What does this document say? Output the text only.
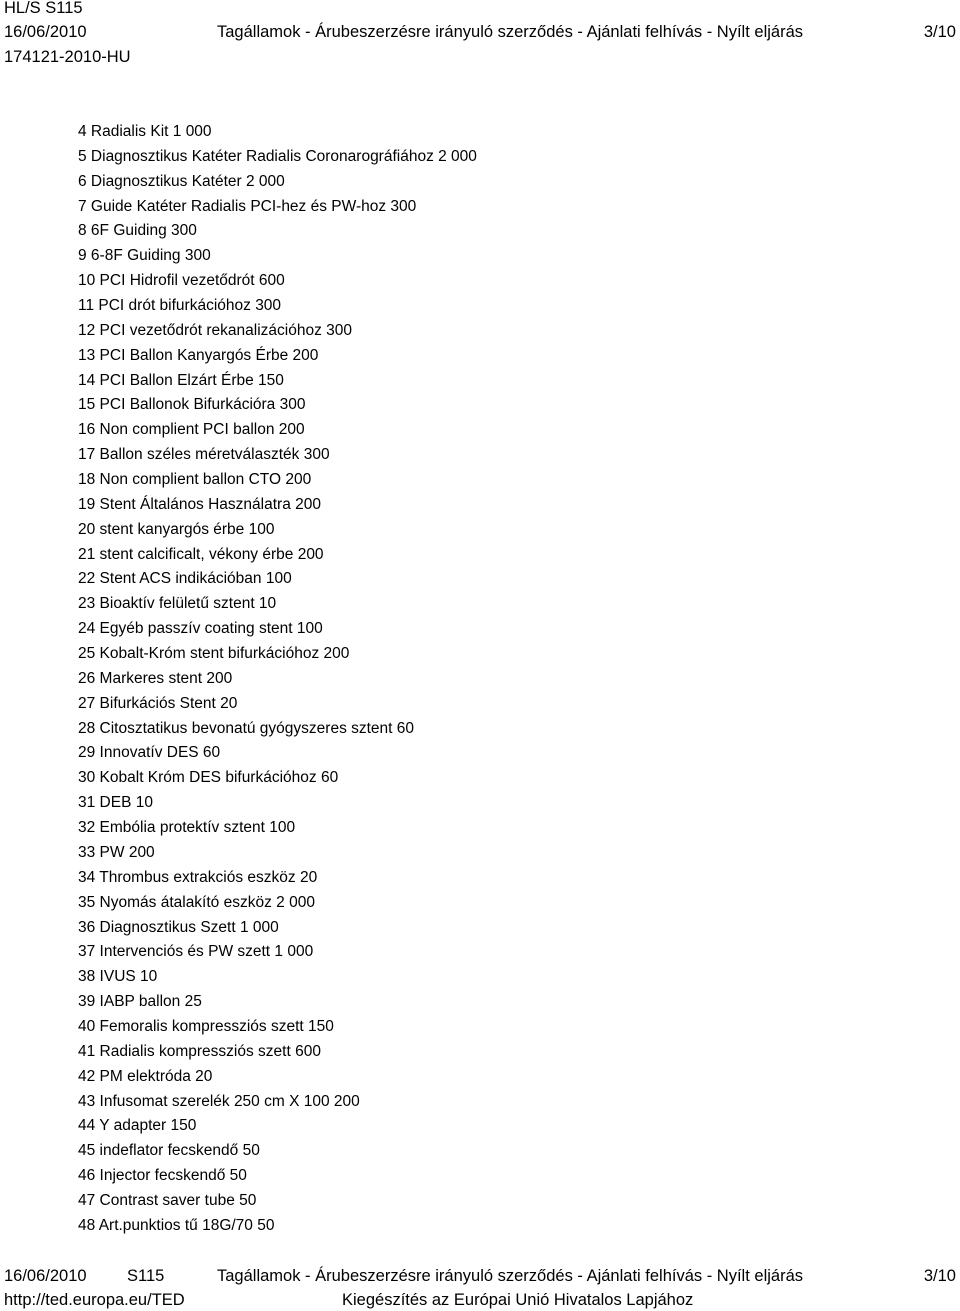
HL/S S115
16/06/2010	Tagállamok - Árubeszerzésre irányuló szerződés - Ajánlati felhívás - Nyílt eljárás	3/10
174121-2010-HU
4 Radialis Kit 1 000
5 Diagnosztikus Katéter Radialis Coronarográfiához 2 000
6 Diagnosztikus Katéter 2 000
7 Guide Katéter Radialis PCI-hez és PW-hoz 300
8 6F Guiding 300
9 6-8F Guiding 300
10 PCI Hidrofil vezetődrót 600
11 PCI drót bifurkációhoz 300
12 PCI vezetődrót rekanalizációhoz 300
13 PCI Ballon Kanyargós Érbe 200
14 PCI Ballon Elzárt Érbe 150
15 PCI Ballonok Bifurkációra 300
16 Non complient PCI ballon 200
17 Ballon széles méretválaszték 300
18 Non complient ballon CTO 200
19 Stent Általános Használatra 200
20 stent kanyargós érbe 100
21 stent calcificalt, vékony érbe 200
22 Stent ACS indikációban 100
23 Bioaktív felületű sztent 10
24 Egyéb passzív coating stent 100
25 Kobalt-Króm stent bifurkációhoz 200
26 Markeres stent 200
27 Bifurkációs Stent 20
28 Citosztatikus bevonatú gyógyszeres sztent 60
29 Innovatív DES 60
30 Kobalt Króm DES bifurkációhoz 60
31 DEB 10
32 Embólia protektív sztent 100
33 PW 200
34 Thrombus extrakciós eszköz 20
35 Nyomás átalakító eszköz 2 000
36 Diagnosztikus Szett 1 000
37 Intervenciós és PW szett 1 000
38 IVUS 10
39 IABP ballon 25
40 Femoralis kompressziós szett 150
41 Radialis kompressziós szett 600
42 PM elektróda 20
43 Infusomat szerelék 250 cm X 100 200
44 Y adapter 150
45 indeflator fecskendő 50
46 Injector fecskendő 50
47 Contrast saver tube 50
48 Art.punktios tű 18G/70 50
16/06/2010 S115	Tagállamok - Árubeszerzésre irányuló szerződés - Ajánlati felhívás - Nyílt eljárás	3/10
http://ted.europa.eu/TED	Kiegészítés az Európai Unió Hivatalos Lapjához
